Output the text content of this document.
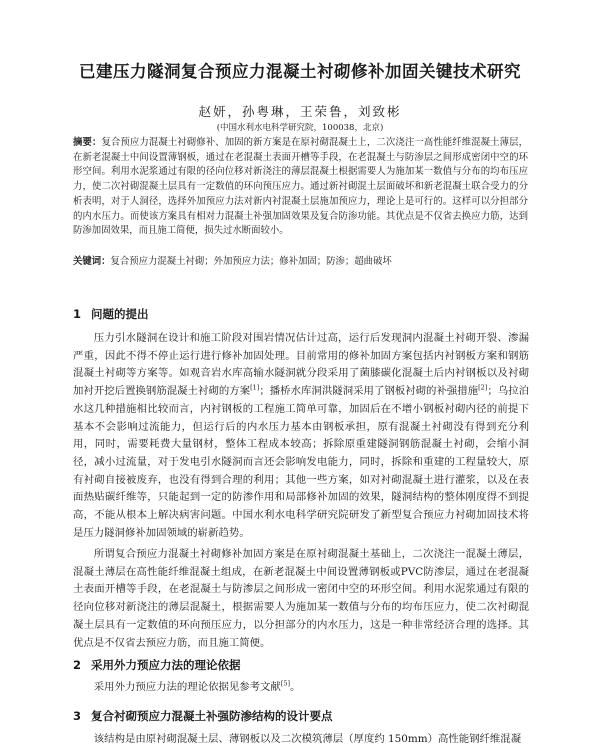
已建压力隧洞复合预应力混凝土衬砌修补加固关键技术研究
赵妍，孙粤琳，王荣鲁，刘致彬
(中国水利水电科学研究院，100038，北京)
摘要：复合预应力混凝土衬砌修补、加固的新方案是在原衬砌混凝土上，二次浇注一高性能纤维混凝土薄层，在新老混凝土中间设置薄钢板，通过在老混凝土表面开槽等手段，在老混凝土与防渗层之间形成密闭中空的环形空间。利用水泥浆通过有限的径向位移对新浇注的薄层混凝土根据需要人为施加某一数值与分布的均布压应力，使二次衬砌混凝土层具有一定数值的环向预压应力。通过新衬砌混土层面破坏和新老混凝土联合受力的分析表明，对于人洞径，选择外加预应力法对新内衬混凝土层施加预应力，理论上是可行的。这样可以分担部分的内水压力。而使该方案具有相对力混凝土补强加固效果及复合防渗功能。其优点是不仅省去换应力筋，达到防渗加固效果，而且施工简便，损失过水断面较小。
关键词：复合预应力混凝土衬砌；外加预应力法；修补加固；防渗；超曲破坏
1 问题的提出
压力引水隧洞在设计和施工阶段对围岩情况估计过高，运行后发现洞内混凝土衬砌开裂、渗漏严重，因此不得不停止运行进行修补加固处理。目前常用的修补加固方案包括内衬钢板方案和钢筋混凝土衬砌等方案等。如观音岩水库高输水隧洞就分段采用了菌膝碳化混凝土后内衬钢板以及衬砌加衬开挖后置换钢筋混凝土衬砌的方案[1]；播桥水库洞洪隧洞采用了钢板衬砌的补强措施[2]；乌拉泊水这几种措施相比较而言，内衬钢板的工程施工简单可靠，加固后在不增小钢板衬砌内径的前提下基本不会影响过流能力，但运行后的内水压力基本由钢板承担，原有混凝土衬砌没有得到充分利用，同时，需要耗费大量钢材，整体工程成本较高；拆除原重建隧洞钢筋混凝土衬砌，会缩小洞径，减小过流量，对于发电引水隧洞而言还会影响发电能力，同时，拆除和重建的工程量较大，原有衬砌自接被废弃，也没有得到合理的利用；其他一些方案，如对衬砌混凝土进行灌浆，以及在表面热贴碳纤维等，只能起到一定的防渗作用和局部修补加固的效果，隧洞结构的整体刚度得不到提高，不能从根本上解决病害问题。中国水利水电科学研究院研发了新型复合预应力衬砌加固技术将是压力隧洞修补加固领域的崭新趋势。
所谓复合预应力混凝土衬砌修补加固方案是在原衬砌混凝土基础上，二次浇注一混凝土薄层，混凝土薄层在高性能纤维混凝土组成，在新老混凝土中间设置薄钢板或PVC防渗层，通过在老混凝土表面开槽等手段，在老混凝土与防渗层之间形成一密闭中空的环形空间。利用水泥浆通过有限的径向位移对新浇注的薄层混凝土，根据需要人为施加某一数值与分布的均布压应力，使二次衬砌混凝土层具有一定数值的环向预压应力，以分担部分的内水压力，这是一种非常经济合理的选择。其优点是不仅省去预应力筋，而且施工简便。
2 采用外力预应力法的理论依据
采用外力预应力法的理论依据见参考文献[5]。
3 复合衬砌预应力混凝土补强防渗结构的设计要点
该结构是由原衬砌混凝土层、薄钢板以及二次模筑薄层（厚度约 150mm）高性能钢纤维混凝
